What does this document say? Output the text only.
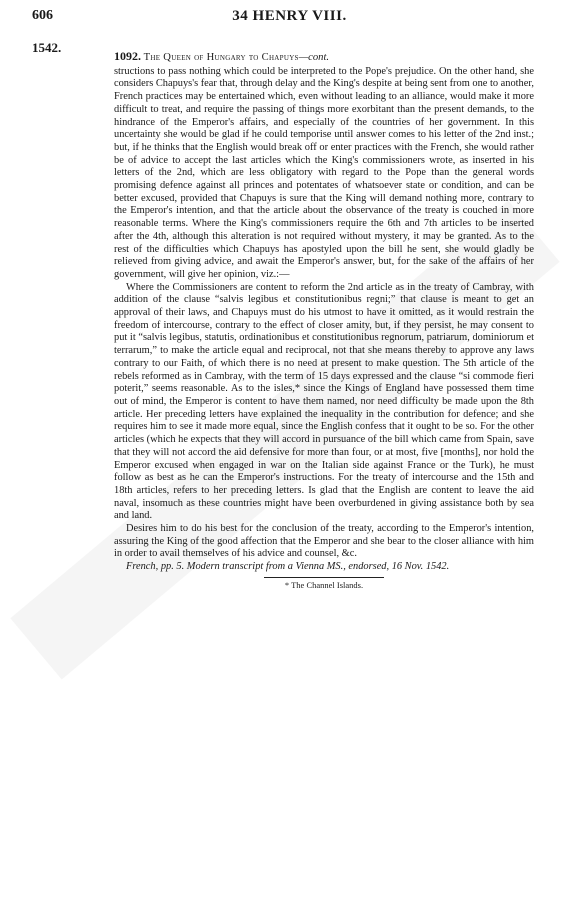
606	34 HENRY VIII.
1542.
1092. The Queen of Hungary to Chapuys—cont.

structions to pass nothing which could be interpreted to the Pope's prejudice. On the other hand, she considers Chapuys's fear that, through delay and the King's despite at being sent from one to another, French practices may be entertained which, even without leading to an alliance, would make it more difficult to treat, and require the passing of things more exorbitant than the present demands, to the hindrance of the Emperor's affairs, and especially of the countries of her government. In this uncertainty she would be glad if he could temporise until answer comes to his letter of the 2nd inst.; but, if he thinks that the English would break off or enter practices with the French, she would rather be of advice to accept the last articles which the King's commissioners wrote, as inserted in his letters of the 2nd, which are less obligatory with regard to the Pope than the general words promising defence against all princes and potentates of whatsoever state or condition, and can be better excused, provided that Chapuys is sure that the King will demand nothing more, contrary to the Emperor's intention, and that the article about the observance of the treaty is couched in more reasonable terms. Where the King's commissioners require the 6th and 7th articles to be inserted after the 4th, although this alteration is not required without mystery, it may be granted. As to the rest of the difficulties which Chapuys has apostyled upon the bill he sent, she would gladly be relieved from giving advice, and await the Emperor's answer, but, for the sake of the affairs of her government, will give her opinion, viz.:—

Where the Commissioners are content to reform the 2nd article as in the treaty of Cambray, with addition of the clause “salvis legibus et constitutionibus regni;” that clause is meant to get an approval of their laws, and Chapuys must do his utmost to have it omitted, as it would restrain the freedom of intercourse, contrary to the effect of closer amity, but, if they persist, he may consent to put it “salvis legibus, statutis, ordinationibus et constitutionibus regnorum, patriarum, dominiorum et terrarum,” to make the article equal and reciprocal, not that she means thereby to approve any laws contrary to our Faith, of which there is no need at present to make question. The 5th article of the rebels reformed as in Cambray, with the term of 15 days expressed and the clause “si commode fieri poterit,” seems reasonable. As to the isles,* since the Kings of England have possessed them time out of mind, the Emperor is content to have them named, nor need difficulty be made upon the 8th article. Her preceding letters have explained the inequality in the contribution for defence; and she requires him to see it made more equal, since the English confess that it ought to be so. For the other articles (which he expects that they will accord in pursuance of the bill which came from Spain, save that they will not accord the aid defensive for more than four, or at most, five [months], nor hold the Emperor excused when engaged in war on the Italian side against France or the Turk), he must follow as best as he can the Emperor's instructions. For the treaty of intercourse and the 15th and 18th articles, refers to her preceding letters. Is glad that the English are content to leave the aid naval, insomuch as these countries might have been overburdened in giving assistance both by sea and land.

Desires him to do his best for the conclusion of the treaty, according to the Emperor's intention, assuring the King of the good affection that the Emperor and she bear to the closer alliance with him in order to avail themselves of his advice and counsel, &c.

French, pp. 5. Modern transcript from a Vienna MS., endorsed, 16 Nov. 1542.

* The Channel Islands.
